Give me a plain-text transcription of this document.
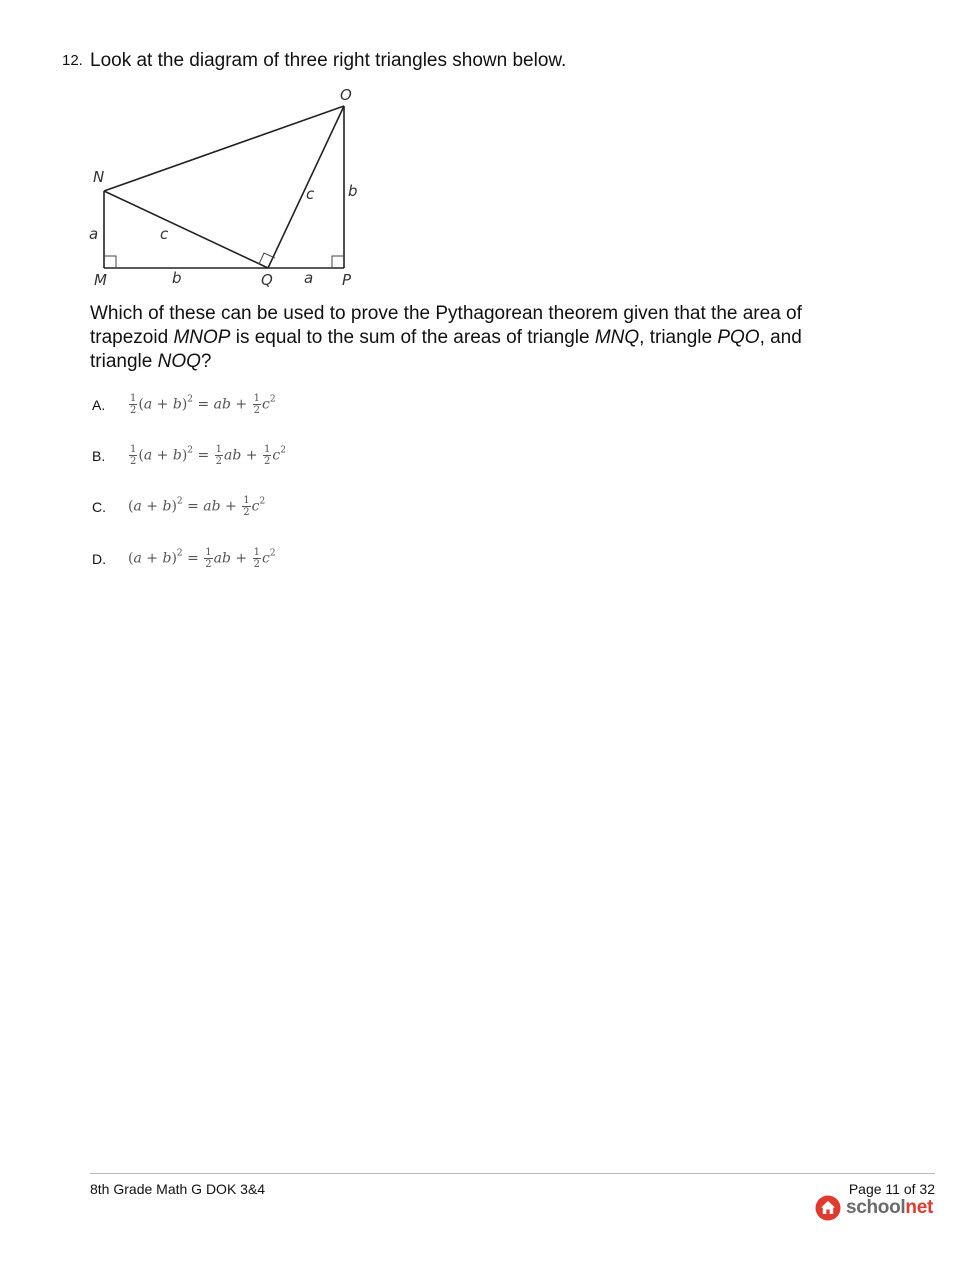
12. Look at the diagram of three right triangles shown below.
O
N
M	Q	P
a	c
b
c b
a
Which of these can be used to prove the Pythagorean theorem given that the area of trapezoid MNOP is equal to the sum of the areas of triangle MNQ, triangle PQO, and triangle NOQ?
A. $\frac{1}{2} (a + b)^2$ = ab + $\frac{1}{2} c^2$
B. $\frac{1}{2} (a + b)^2 = \frac{1}{2}$ ab + $\frac{1}{2} c^2$
C. $(a + b)^2$ = ab + $\frac{1}{2} c^2$
D. $(a + b)^2 = \frac{1}{2}$ ab + $\frac{1}{2} c^2$
8th Grade Math G DOK 3&4	Page 11 of 32
schoolnet
